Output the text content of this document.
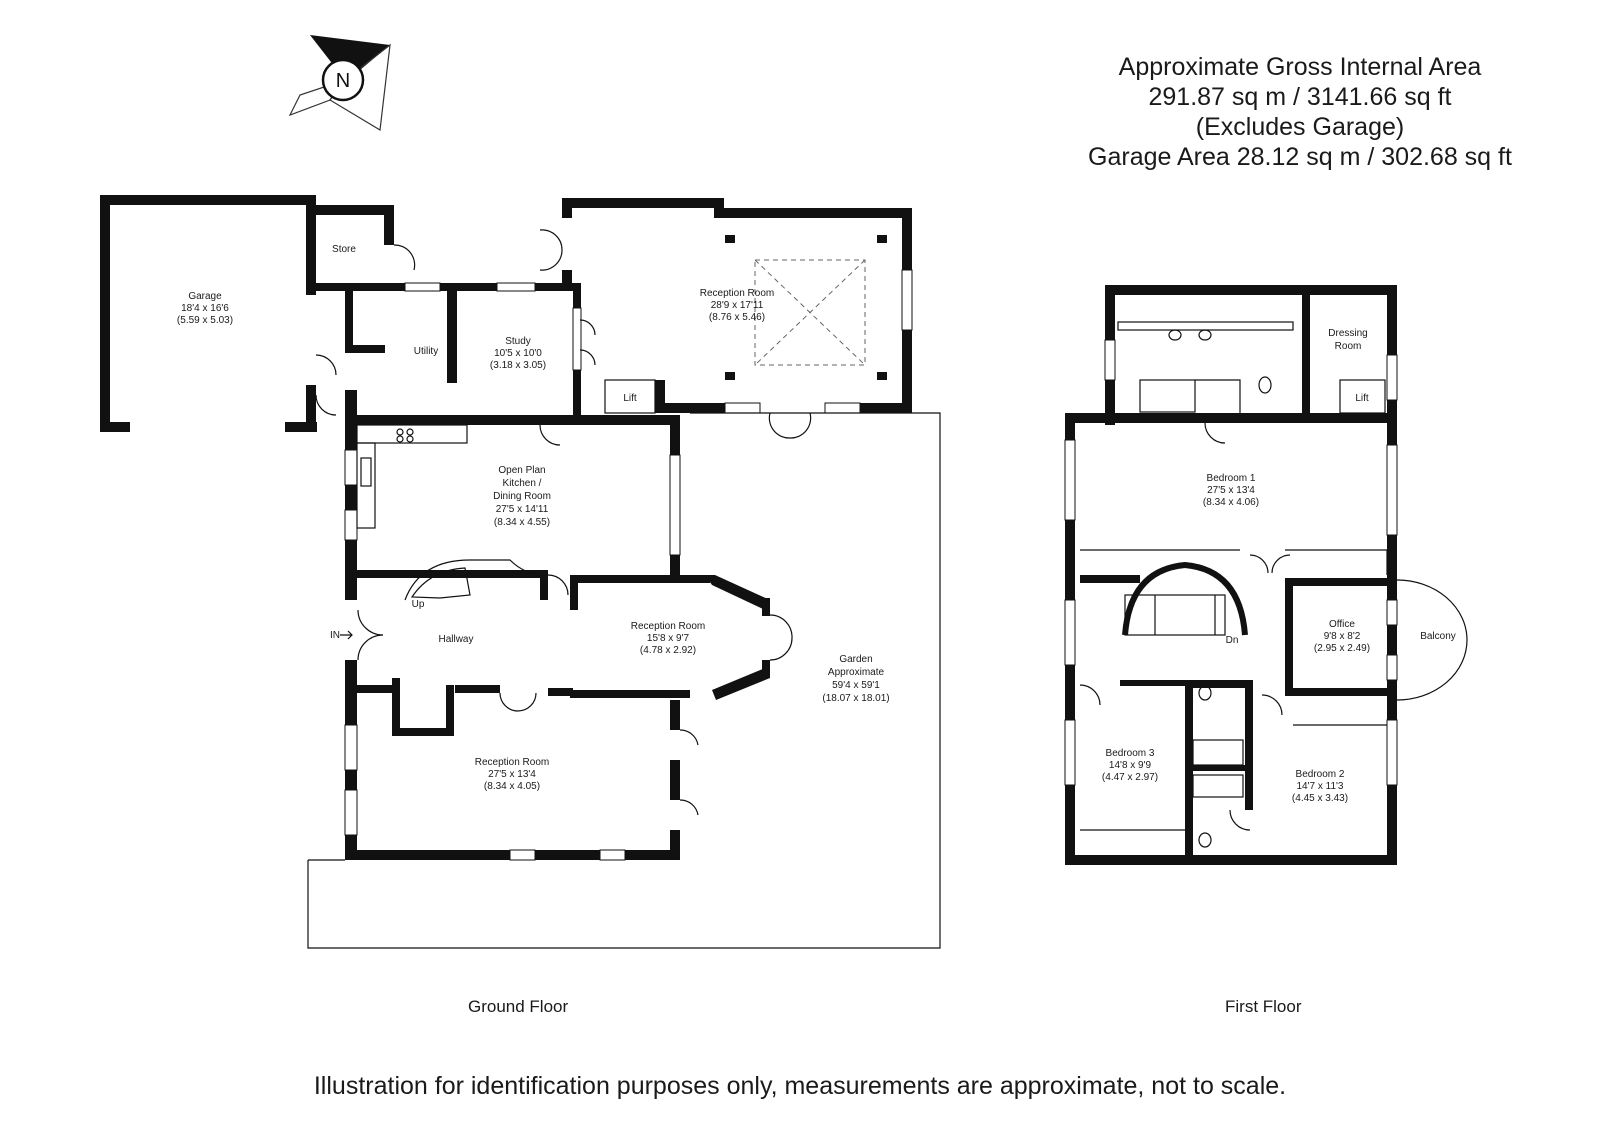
Approximate Gross Internal Area
291.87 sq m / 3141.66 sq ft
(Excludes Garage)
Garage Area 28.12 sq m / 302.68 sq ft
N
Garage
18'4 x 16'6
(5.59 x 5.03)
Store
Utility
Study
10'5 x 10'0
(3.18 x 3.05)
Reception Room
28'9 x 17'11
(8.76 x 5.46)
Lift
Open Plan
Kitchen /
Dining Room
27'5 x 14'11
(8.34 x 4.55)
Hallway
Up
IN
Reception Room
15'8 x 9'7
(4.78 x 2.92)
Reception Room
27'5 x 13'4
(8.34 x 4.05)
Garden
Approximate
59'4 x 59'1
(18.07 x 18.01)
Dressing
Room
Lift
Bedroom 1
27'5 x 13'4
(8.34 x 4.06)
Dn
Office
9'8 x 8'2
(2.95 x 2.49)
Balcony
Bedroom 3
14'8 x 9'9
(4.47 x 2.97)	Bedroom 2
14'7 x 11'3
(4.45 x 3.43)
Ground Floor	First Floor
Illustration for identification purposes only, measurements are approximate, not to scale.
